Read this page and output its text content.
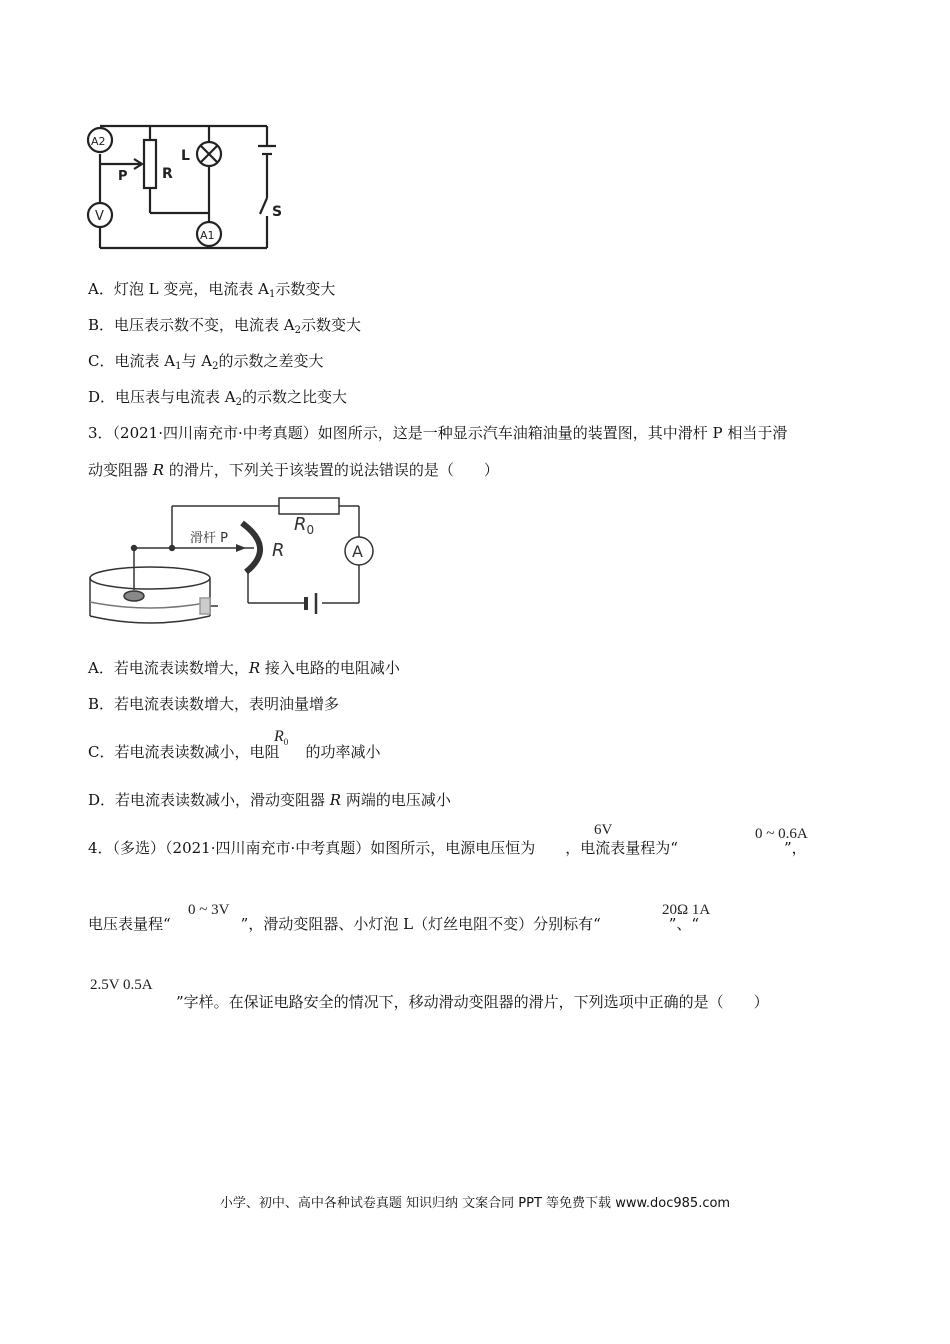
A2
V
P R
L
A1
S
A．灯泡 L 变亮，电流表 $A_1$示数变大
B．电压表示数不变，电流表 $A_2$示数变大
C．电流表 $A_1$与 $A_2$的示数之差变大
D．电压表与电流表 $A_2$的示数之比变大
3．（2021·四川南充市·中考真题）如图所示，这是一种显示汽车油箱油量的装置图，其中滑杆 P 相当于滑
动变阻器 R 的滑片，下列关于该装置的说法错误的是（　　）
滑杆 P
R
$R_0$
A
A．若电流表读数增大，R 接入电路的电阻减小
B．若电流表读数增大，表明油量增多
C．若电流表读数减小，电阻 的功率减小
$R_0$
D．若电流表读数减小，滑动变阻器 R 两端的电压减小
4．（多选）（2021·四川南充市·中考真题）如图所示，电源电压恒为 ，电流表量程为“	”，
6V	0 ~ 0.6A
电压表量程“	”，滑动变阻器、小灯泡 L（灯丝电阻不变）分别标有“	”、“
0 ~ 3V	20Ω 1A
”字样。在保证电路安全的情况下，移动滑动变阻器的滑片，下列选项中正确的是（　　）
2.5V 0.5A
小学、初中、高中各种试卷真题 知识归纳 文案合同 PPT 等免费下载 www.doc985.com
